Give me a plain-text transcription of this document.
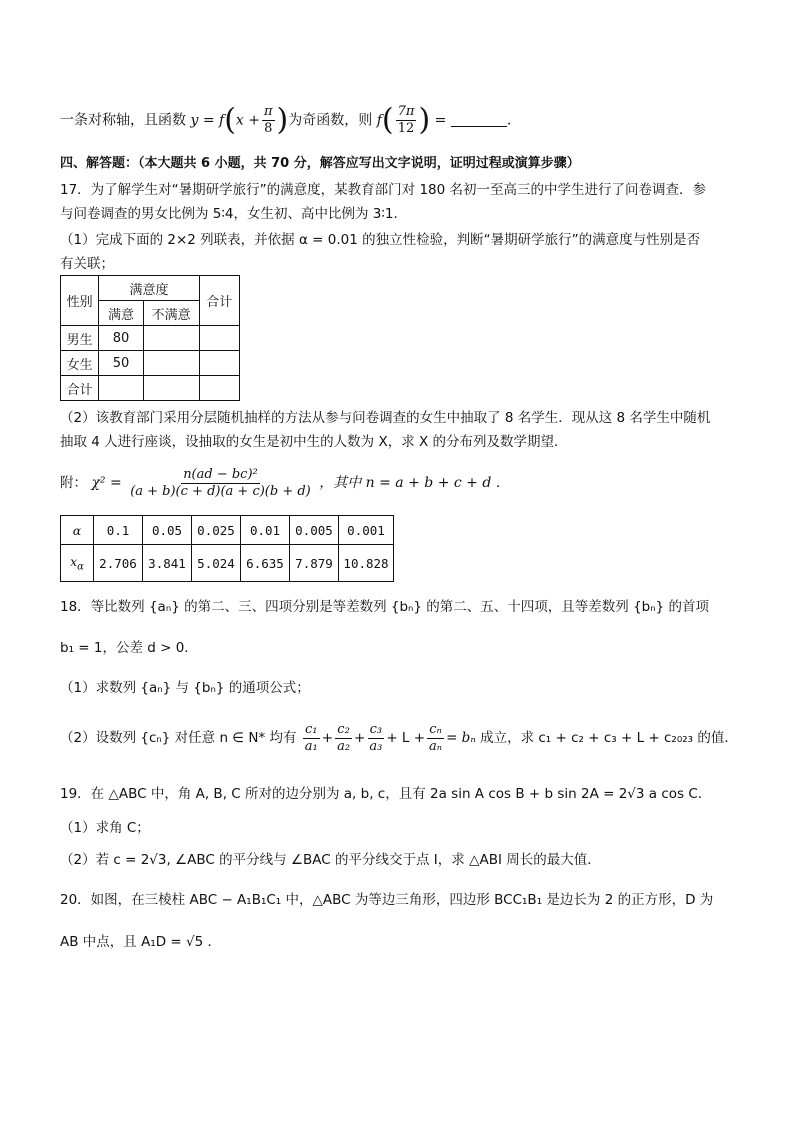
一条对称轴，且函数 $y = f(x + \frac{\pi}{8}$ )为奇函数，则 $f( \frac{7\pi}{12}$ ) =	.
四、解答题：（本大题共 6 小题，共 70 分，解答应写出文字说明，证明过程或演算步骤）
17．为了解学生对“暑期研学旅行”的满意度，某教育部门对 180 名初一至高三的中学生进行了问卷调查．参
与问卷调查的男女比例为 5∶4，女生初、高中比例为 3∶1．
（1）完成下面的 2×2 列联表，并依据 α = 0.01 的独立性检验，判断“暑期研学旅行”的满意度与性别是否
有关联；
性别	满意度		合计
	满意	不满意	
男生	80		
女生	50		
合计			
（2）该教育部门采用分层随机抽样的方法从参与问卷调查的女生中抽取了 8 名学生．现从这 8 名学生中随机
抽取 4 人进行座谈，设抽取的女生是初中生的人数为 X，求 X 的分布列及数学期望．
附： $\chi^2 = \frac{\text{n(ad − bc)²}}{(a + b)(c + d)(a + c)(b + d)}$ ，其中 n = a + b + c + d ．
α	0.1	0.05	0.025	0.01	0.005	0.001
$x_\alpha$	2.706	3.841	5.024	6.635	7.879	10.828
18．等比数列 {aₙ} 的第二、三、四项分别是等差数列 {bₙ} 的第二、五、十四项，且等差数列 {bₙ} 的首项
b₁ = 1，公差 d > 0．
（1）求数列 {aₙ} 与 {bₙ} 的通项公式；
（2）设数列 {cₙ} 对任意 n ∈ N* 均有 $\frac{\text{c₁}}{\text{a₁}} + \frac{\text{c₂}}{\text{a₂}} + \frac{\text{c₃}}{\text{a₃}} + L + \frac{\text{cₙ}}{\text{aₙ}} = b_n$ 成立，求 c₁ + c₂ + c₃ + L + c₂₀₂₃ 的值．
19．在 △ABC 中，角 A, B, C 所对的边分别为 a, b, c，且有 2a sin A cos B + b sin 2A = 2√3 a cos C．
（1）求角 C；
（2）若 c = 2√3, ∠ABC 的平分线与 ∠BAC 的平分线交于点 I，求 △ABI 周长的最大值．
20．如图，在三棱柱 ABC − A₁B₁C₁ 中，△ABC 为等边三角形，四边形 BCC₁B₁ 是边长为 2 的正方形，D 为
AB 中点，且 A₁D = √5 ．
